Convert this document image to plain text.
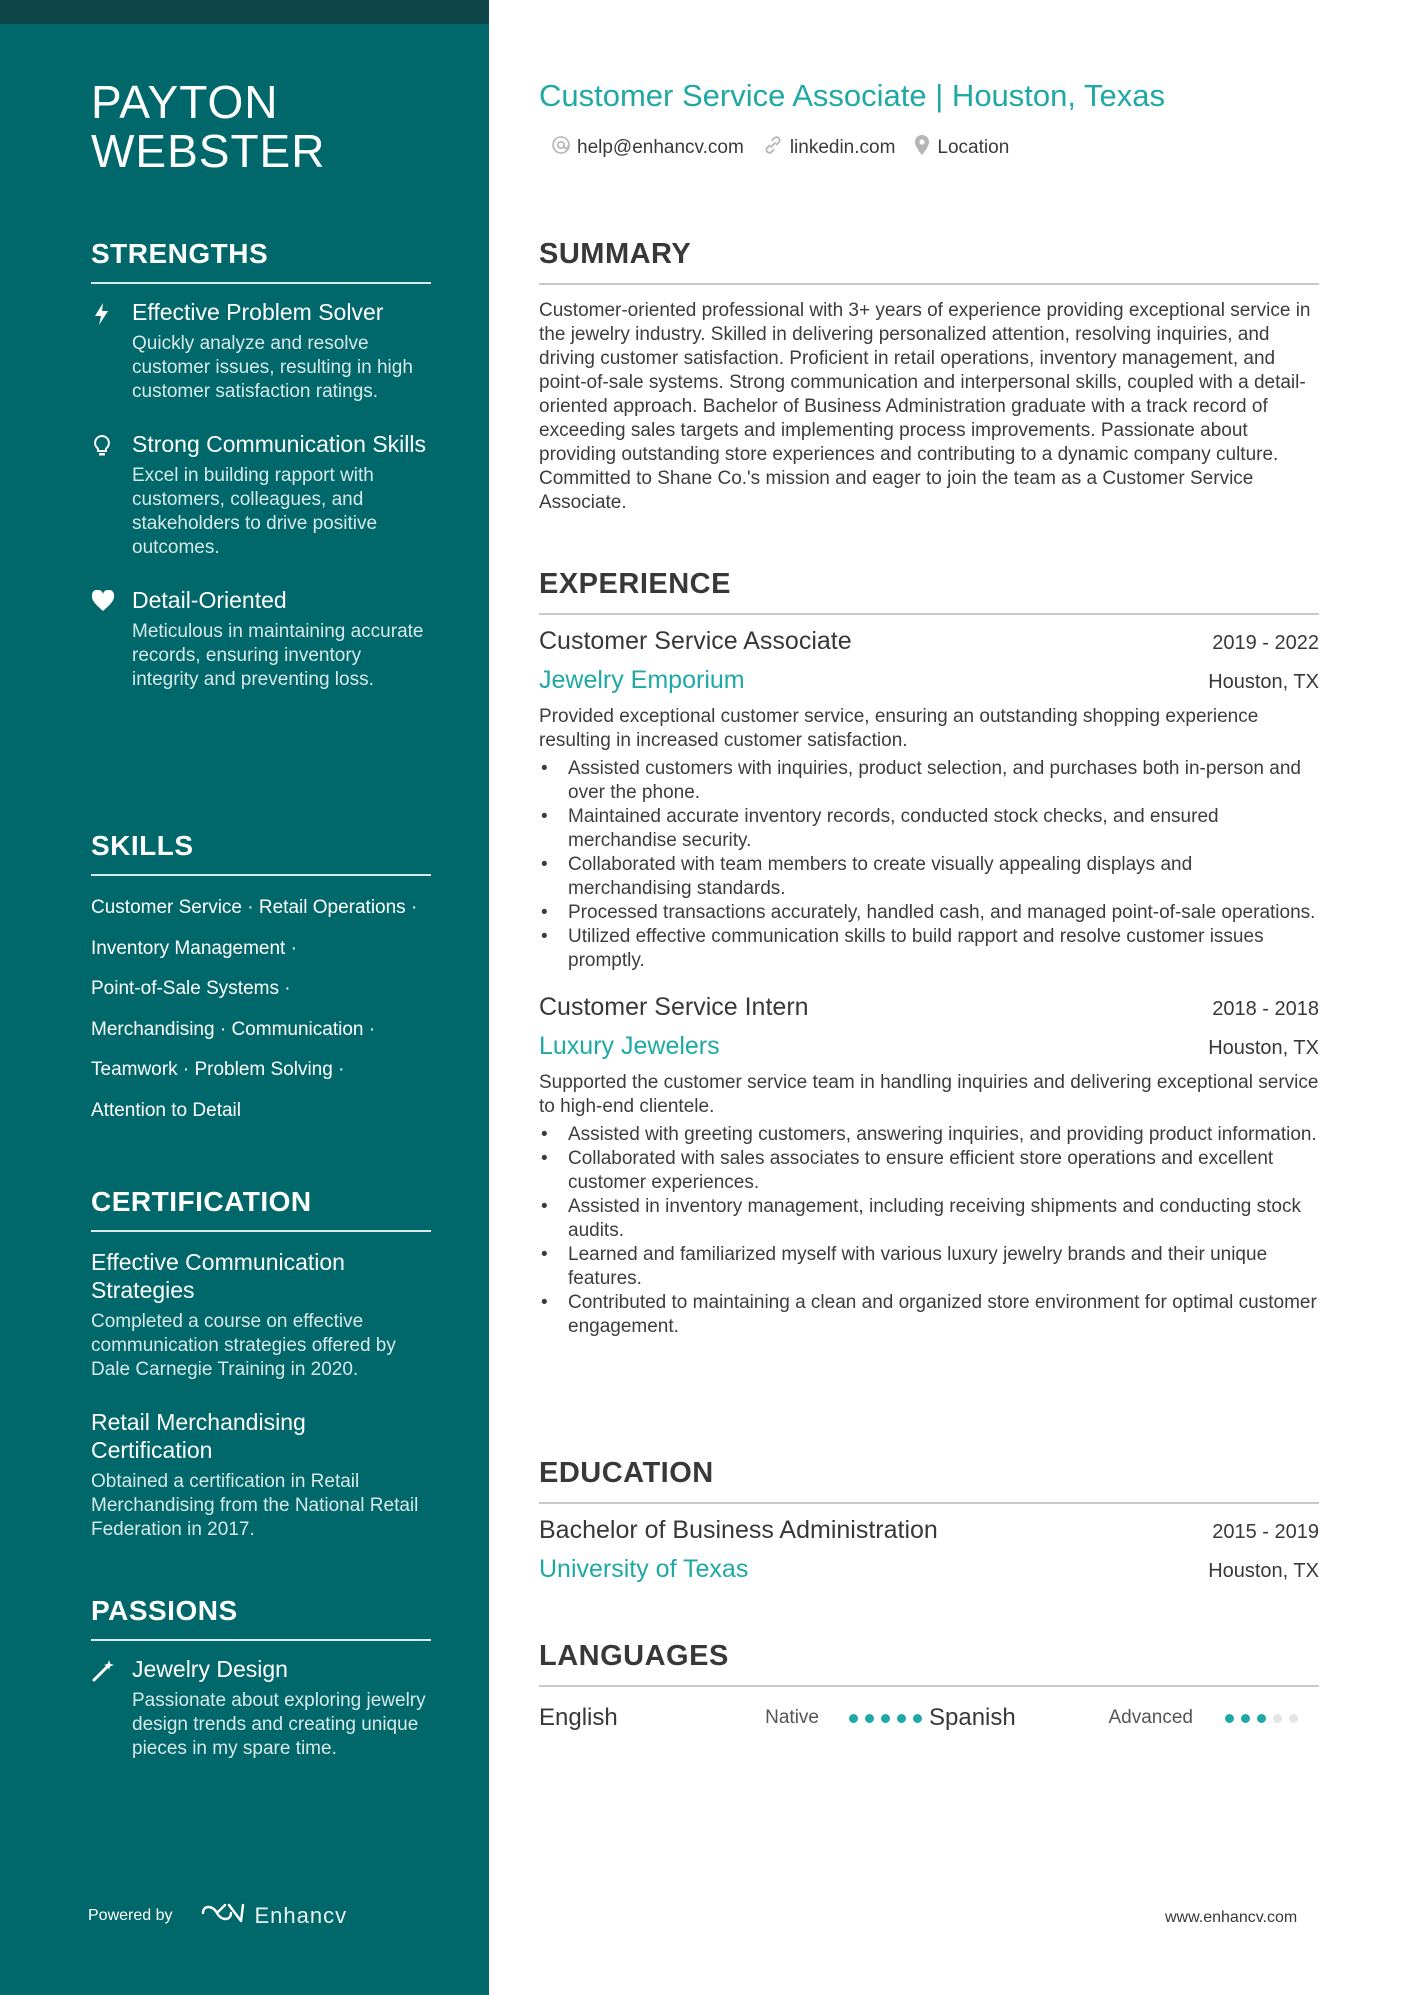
PAYTON
WEBSTER
STRENGTHS
Effective Problem Solver
Quickly analyze and resolve customer issues, resulting in high customer satisfaction ratings.
Strong Communication Skills
Excel in building rapport with customers, colleagues, and stakeholders to drive positive outcomes.
Detail-Oriented
Meticulous in maintaining accurate records, ensuring inventory integrity and preventing loss.
SKILLS
Customer Service · Retail Operations ·
Inventory Management ·
Point-of-Sale Systems ·
Merchandising · Communication ·
Teamwork · Problem Solving ·
Attention to Detail
CERTIFICATION
Effective Communication Strategies
Completed a course on effective communication strategies offered by Dale Carnegie Training in 2020.
Retail Merchandising Certification
Obtained a certification in Retail Merchandising from the National Retail Federation in 2017.
PASSIONS
Jewelry Design
Passionate about exploring jewelry design trends and creating unique pieces in my spare time.
Powered by	Enhancv
Customer Service Associate | Houston, Texas
help@enhancv.com linkedin.com Location
SUMMARY

Customer-oriented professional with 3+ years of experience providing exceptional service in the jewelry industry. Skilled in delivering personalized attention, resolving inquiries, and driving customer satisfaction. Proficient in retail operations, inventory management, and point-of-sale systems. Strong communication and interpersonal skills, coupled with a detail-oriented approach. Bachelor of Business Administration graduate with a track record of exceeding sales targets and implementing process improvements. Passionate about providing outstanding store experiences and contributing to a dynamic company culture. Committed to Shane Co.'s mission and eager to join the team as a Customer Service Associate.

EXPERIENCE
Customer Service Associate	2019 - 2022
Jewelry Emporium	Houston, TX

Provided exceptional customer service, ensuring an outstanding shopping experience resulting in increased customer satisfaction.

• Assisted customers with inquiries, product selection, and purchases both in-person and over the phone.
• Maintained accurate inventory records, conducted stock checks, and ensured merchandise security.
• Collaborated with team members to create visually appealing displays and merchandising standards.
• Processed transactions accurately, handled cash, and managed point-of-sale operations.
• Utilized effective communication skills to build rapport and resolve customer issues promptly.
Customer Service Intern	2018 - 2018
Luxury Jewelers	Houston, TX

Supported the customer service team in handling inquiries and delivering exceptional service to high-end clientele.

• Assisted with greeting customers, answering inquiries, and providing product information.
• Collaborated with sales associates to ensure efficient store operations and excellent customer experiences.
• Assisted in inventory management, including receiving shipments and conducting stock audits.
• Learned and familiarized myself with various luxury jewelry brands and their unique features.
• Contributed to maintaining a clean and organized store environment for optimal customer engagement.
EDUCATION
Bachelor of Business Administration	2015 - 2019
University of Texas	Houston, TX
LANGUAGES
English	Native	Spanish	Advanced
www.enhancv.com
